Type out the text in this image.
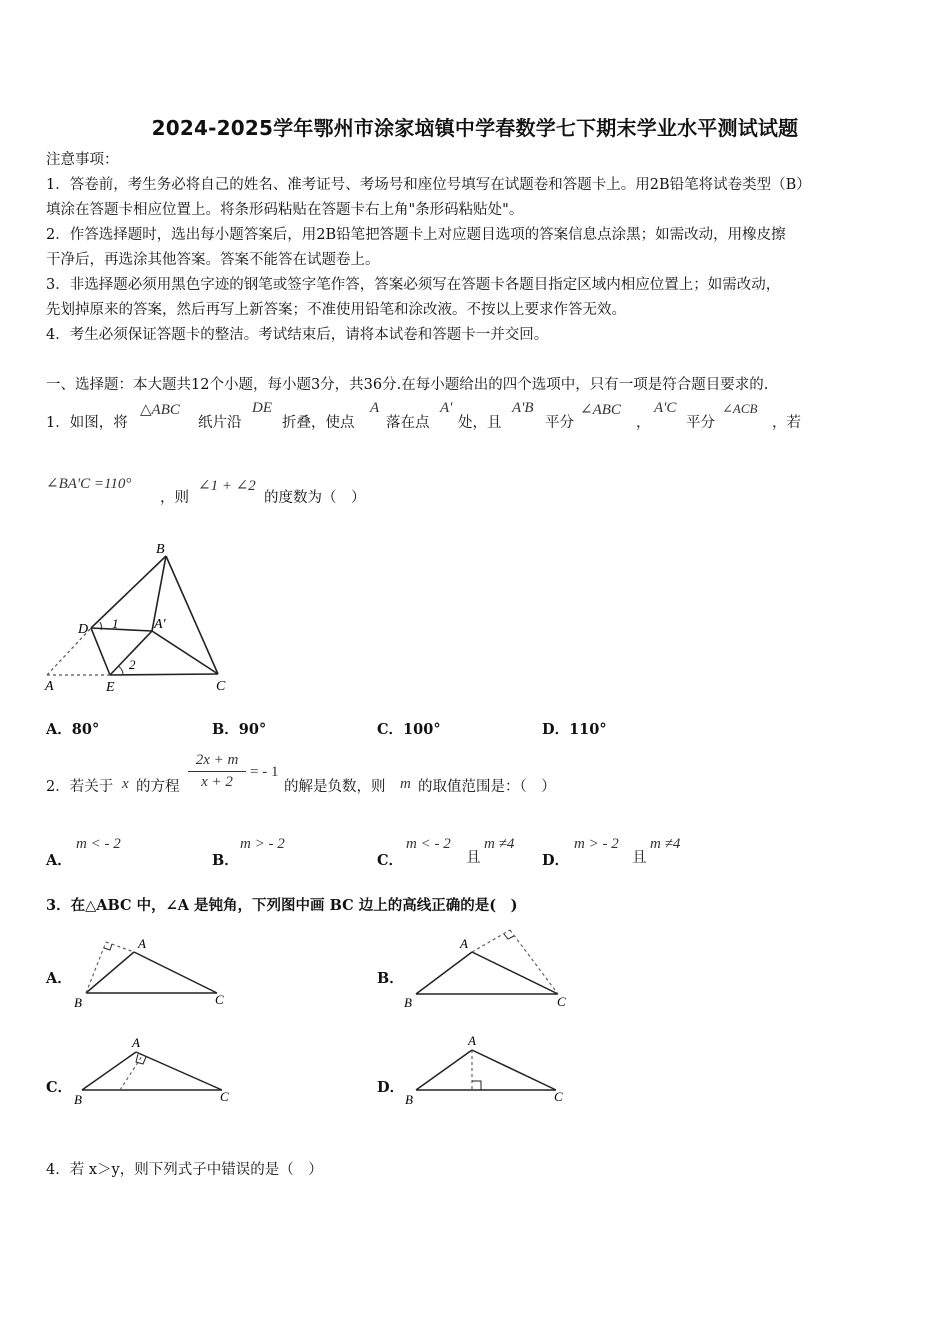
2024-2025学年鄂州市涂家垴镇中学春数学七下期末学业水平测试试题
注意事项：
1．答卷前，考生务必将自己的姓名、准考证号、考场号和座位号填写在试题卷和答题卡上。用2B铅笔将试卷类型（B）
填涂在答题卡相应位置上。将条形码粘贴在答题卡右上角"条形码粘贴处"。
2．作答选择题时，选出每小题答案后，用2B铅笔把答题卡上对应题目选项的答案信息点涂黑；如需改动，用橡皮擦
干净后，再选涂其他答案。答案不能答在试题卷上。
3．非选择题必须用黑色字迹的钢笔或签字笔作答，答案必须写在答题卡各题目指定区域内相应位置上；如需改动，
先划掉原来的答案，然后再写上新答案；不准使用铅笔和涂改液。不按以上要求作答无效。
4．考生必须保证答题卡的整洁。考试结束后，请将本试卷和答题卡一并交回。
一、选择题：本大题共12个小题，每小题3分，共36分.在每小题给出的四个选项中，只有一项是符合题目要求的.
1．如图，将
△ABC
纸片沿
DE
折叠，使点
A
落在点
A'
处，且
A'B
平分
∠ABC
，
A'C
平分
∠ACB
，若
∠BA'C =110°
，则
∠1 + ∠2
的度数为（　）
B
D	A′
A	E	C
1
2
A．80°	B．90°	C．100°	D．110°
2．若关于 x 的方程
2x + m
x + 2
= - 1
的解是负数，则 m 的取值范围是：（　）
A．
m < - 2
B．
m > - 2
C．
m < - 2
且
m ≠4
D．
m > - 2
且
m ≠4
3．在△ABC 中，∠A 是钝角，下列图中画 BC 边上的高线正确的是(　)
A．
A
B	C
B．
A
B	C
C．
A
B	C
D．
A
B	C
4．若 x＞y，则下列式子中错误的是（　）
